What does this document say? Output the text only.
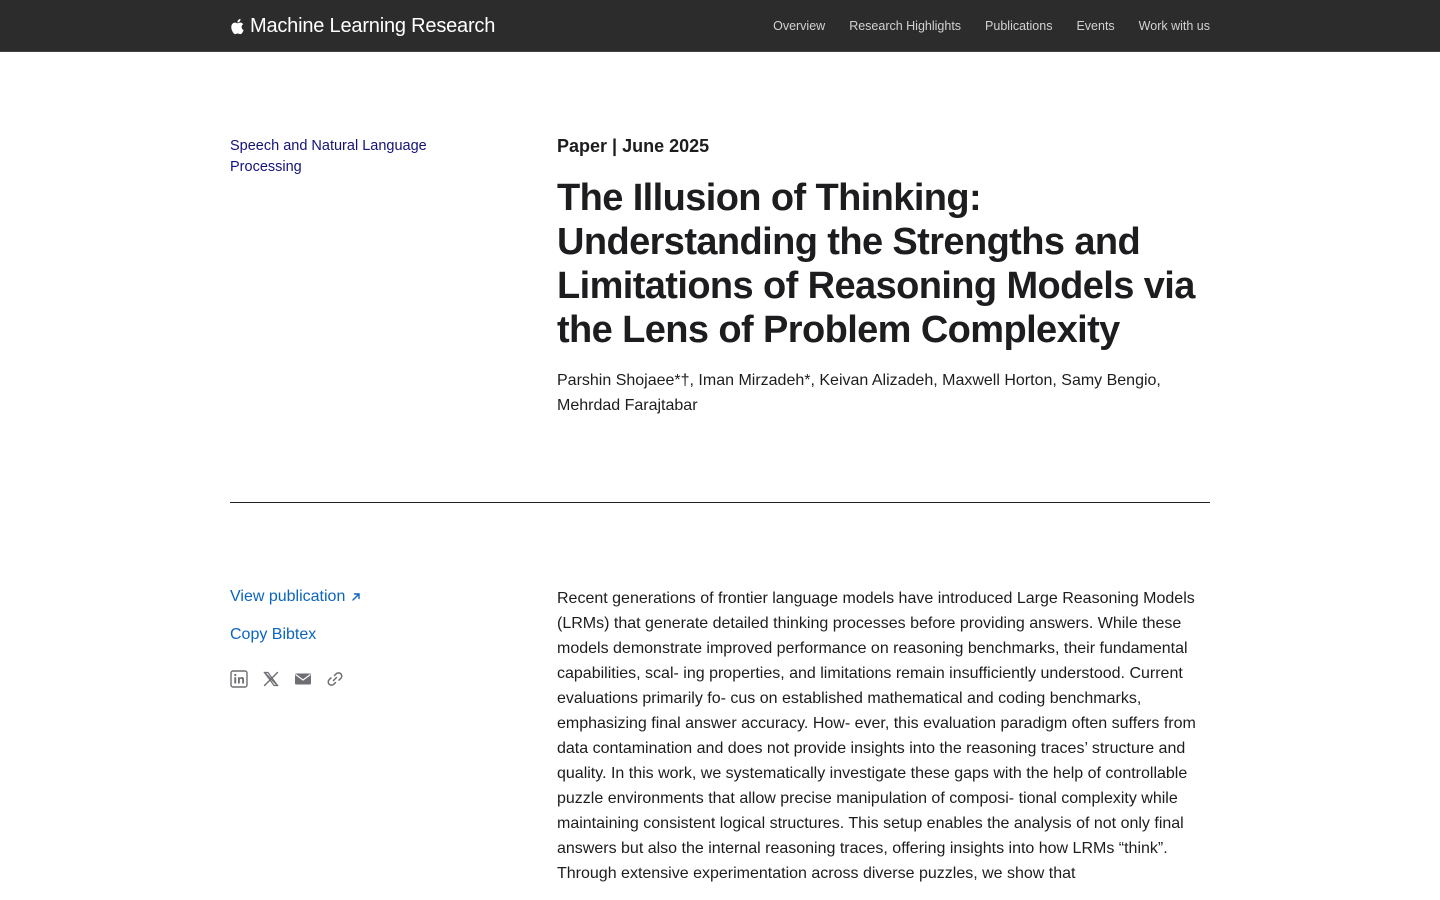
Machine Learning Research	Overview Research Highlights Publications Events Work with us
Speech and Natural Language Processing
Paper | June 2025
The Illusion of Thinking: Understanding the Strengths and Limitations of Reasoning Models via the Lens of Problem Complexity
Parshin Shojaee*†, Iman Mirzadeh*, Keivan Alizadeh, Maxwell Horton, Samy Bengio, Mehrdad Farajtabar
View publication
Copy Bibtex

Recent generations of frontier language models have introduced Large Reasoning Models (LRMs) that generate detailed thinking processes before providing answers. While these models demonstrate improved performance on reasoning benchmarks, their fundamental capabilities, scal- ing properties, and limitations remain insufficiently understood. Current evaluations primarily fo- cus on established mathematical and coding benchmarks, emphasizing final answer accuracy. How- ever, this evaluation paradigm often suffers from data contamination and does not provide insights into the reasoning traces’ structure and quality. In this work, we systematically investigate these gaps with the help of controllable puzzle environments that allow precise manipulation of composi- tional complexity while maintaining consistent logical structures. This setup enables the analysis of not only final answers but also the internal reasoning traces, offering insights into how LRMs “think”. Through extensive experimentation across diverse puzzles, we show that
